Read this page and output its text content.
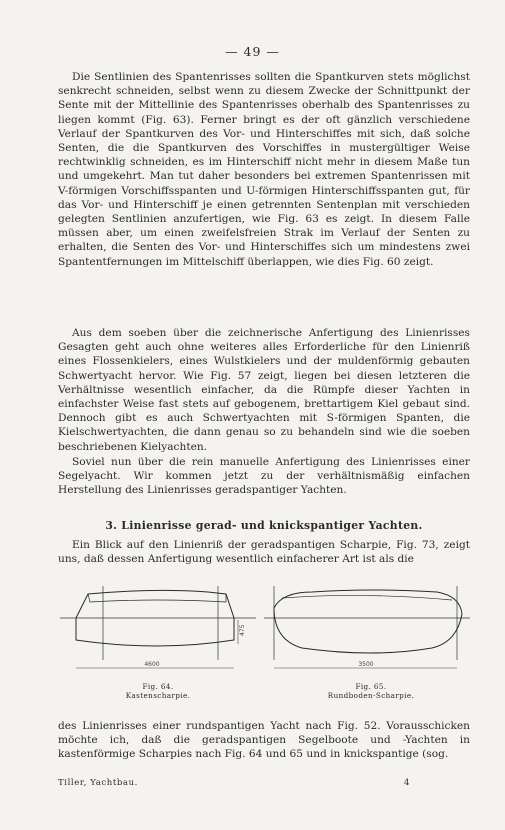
— 49 —

Die Sentlinien des Spantenrisses sollten die Spantkurven stets möglichst senkrecht schneiden, selbst wenn zu diesem Zwecke der Schnittpunkt der Sente mit der Mittellinie des Spantenrisses oberhalb des Spantenrisses zu liegen kommt (Fig. 63). Ferner bringt es der oft gänzlich verschiedene Verlauf der Spantkurven des Vor- und Hinterschiffes mit sich, daß solche Senten, die die Spantkurven des Vorschiffes in mustergültiger Weise rechtwinklig schneiden, es im Hinterschiff nicht mehr in diesem Maße tun und umgekehrt. Man tut daher besonders bei extremen Spantenrissen mit V-förmigen Vorschiffsspanten und U-förmigen Hinterschiffsspanten gut, für das Vor- und Hinterschiff je einen getrennten Sentenplan mit verschieden gelegten Sentlinien anzufertigen, wie Fig. 63 es zeigt. In diesem Falle müssen aber, um einen zweifelsfreien Strak im Verlauf der Senten zu erhalten, die Senten des Vor- und Hinterschiffes sich um mindestens zwei Spantentfernungen im Mittelschiff überlappen, wie dies Fig. 60 zeigt.

Aus dem soeben über die zeichnerische Anfertigung des Linienrisses Gesagten geht auch ohne weiteres alles Erforderliche für den Linienriß eines Flossenkielers, eines Wulstkielers und der muldenförmig gebauten Schwertyacht hervor. Wie Fig. 57 zeigt, liegen bei diesen letzteren die Verhältnisse wesentlich einfacher, da die Rümpfe dieser Yachten in einfachster Weise fast stets auf gebogenem, brettartigem Kiel gebaut sind. Dennoch gibt es auch Schwertyachten mit S-förmigen Spanten, die Kielschwertyachten, die dann genau so zu behandeln sind wie die soeben beschriebenen Kielyachten.

Soviel nun über die rein manuelle Anfertigung des Linienrisses einer Segelyacht. Wir kommen jetzt zu der verhältnismäßig einfachen Herstellung des Linienrisses geradspantiger Yachten.

3. Linienrisse gerad- und knickspantiger Yachten.

Ein Blick auf den Linienriß der geradspantigen Scharpie, Fig. 73, zeigt uns, daß dessen Anfertigung wesentlich einfacherer Art ist als die

475
4600
Fig. 64.
Kastenscharpie.
3500
Fig. 65.
Rundboden-Scharpie.

des Linienrisses einer rundspantigen Yacht nach Fig. 52. Vorausschicken möchte ich, daß die geradspantigen Segelboote und -Yachten in kastenförmige Scharpies nach Fig. 64 und 65 und in knickspantige (sog.

Tiller, Yachtbau.	4
